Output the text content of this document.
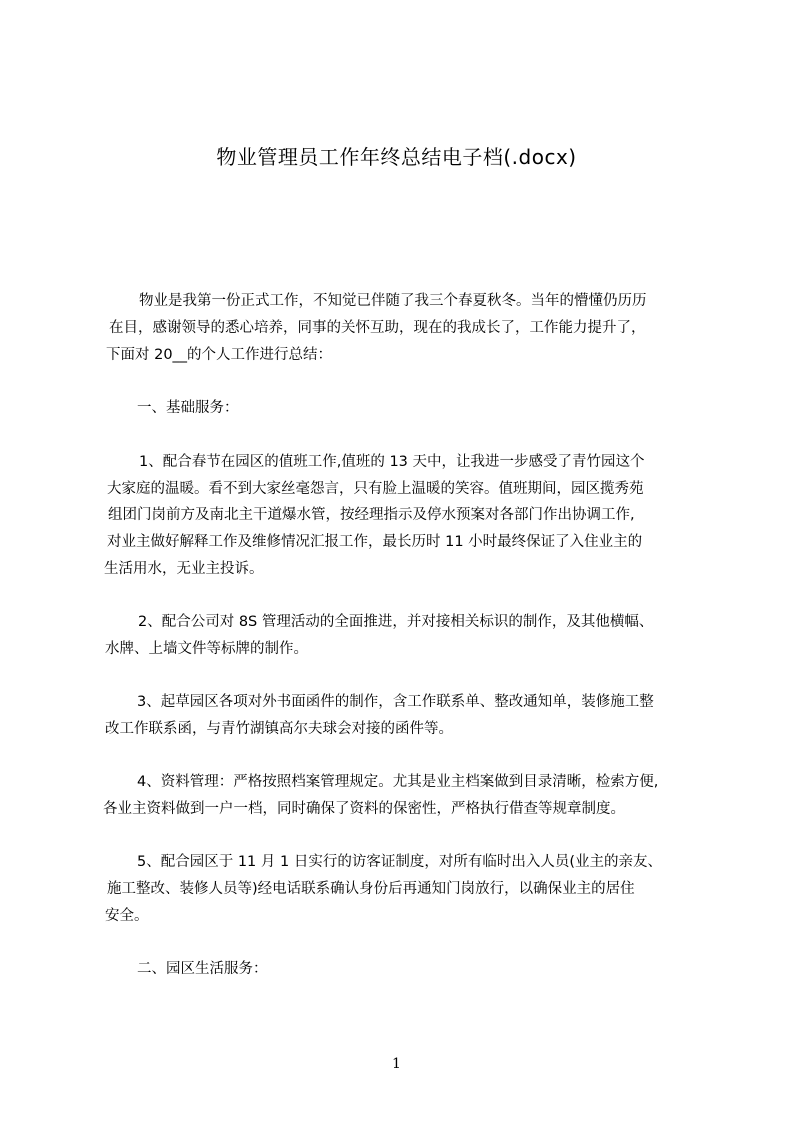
物业管理员工作年终总结电子档(.docx)
物业是我第一份正式工作，不知觉已伴随了我三个春夏秋冬。当年的懵懂仍历历
在目，感谢领导的悉心培养，同事的关怀互助，现在的我成长了，工作能力提升了，
下面对 20__的个人工作进行总结：
一、基础服务：
1、配合春节在园区的值班工作,值班的 13 天中，让我进一步感受了青竹园这个
大家庭的温暖。看不到大家丝毫怨言，只有脸上温暖的笑容。值班期间，园区揽秀苑
组团门岗前方及南北主干道爆水管，按经理指示及停水预案对各部门作出协调工作,
对业主做好解释工作及维修情况汇报工作，最长历时 11 小时最终保证了入住业主的
生活用水，无业主投诉。
2、配合公司对 8S 管理活动的全面推进，并对接相关标识的制作，及其他横幅、
水牌、上墙文件等标牌的制作。
3、起草园区各项对外书面函件的制作，含工作联系单、整改通知单，装修施工整
改工作联系函，与青竹湖镇高尔夫球会对接的函件等。
4、资料管理：严格按照档案管理规定。尤其是业主档案做到目录清晰，检索方便,
各业主资料做到一户一档，同时确保了资料的保密性，严格执行借查等规章制度。
5、配合园区于 11 月 1 日实行的访客证制度，对所有临时出入人员(业主的亲友、
施工整改、装修人员等)经电话联系确认身份后再通知门岗放行，以确保业主的居住
安全。
二、园区生活服务：
1
